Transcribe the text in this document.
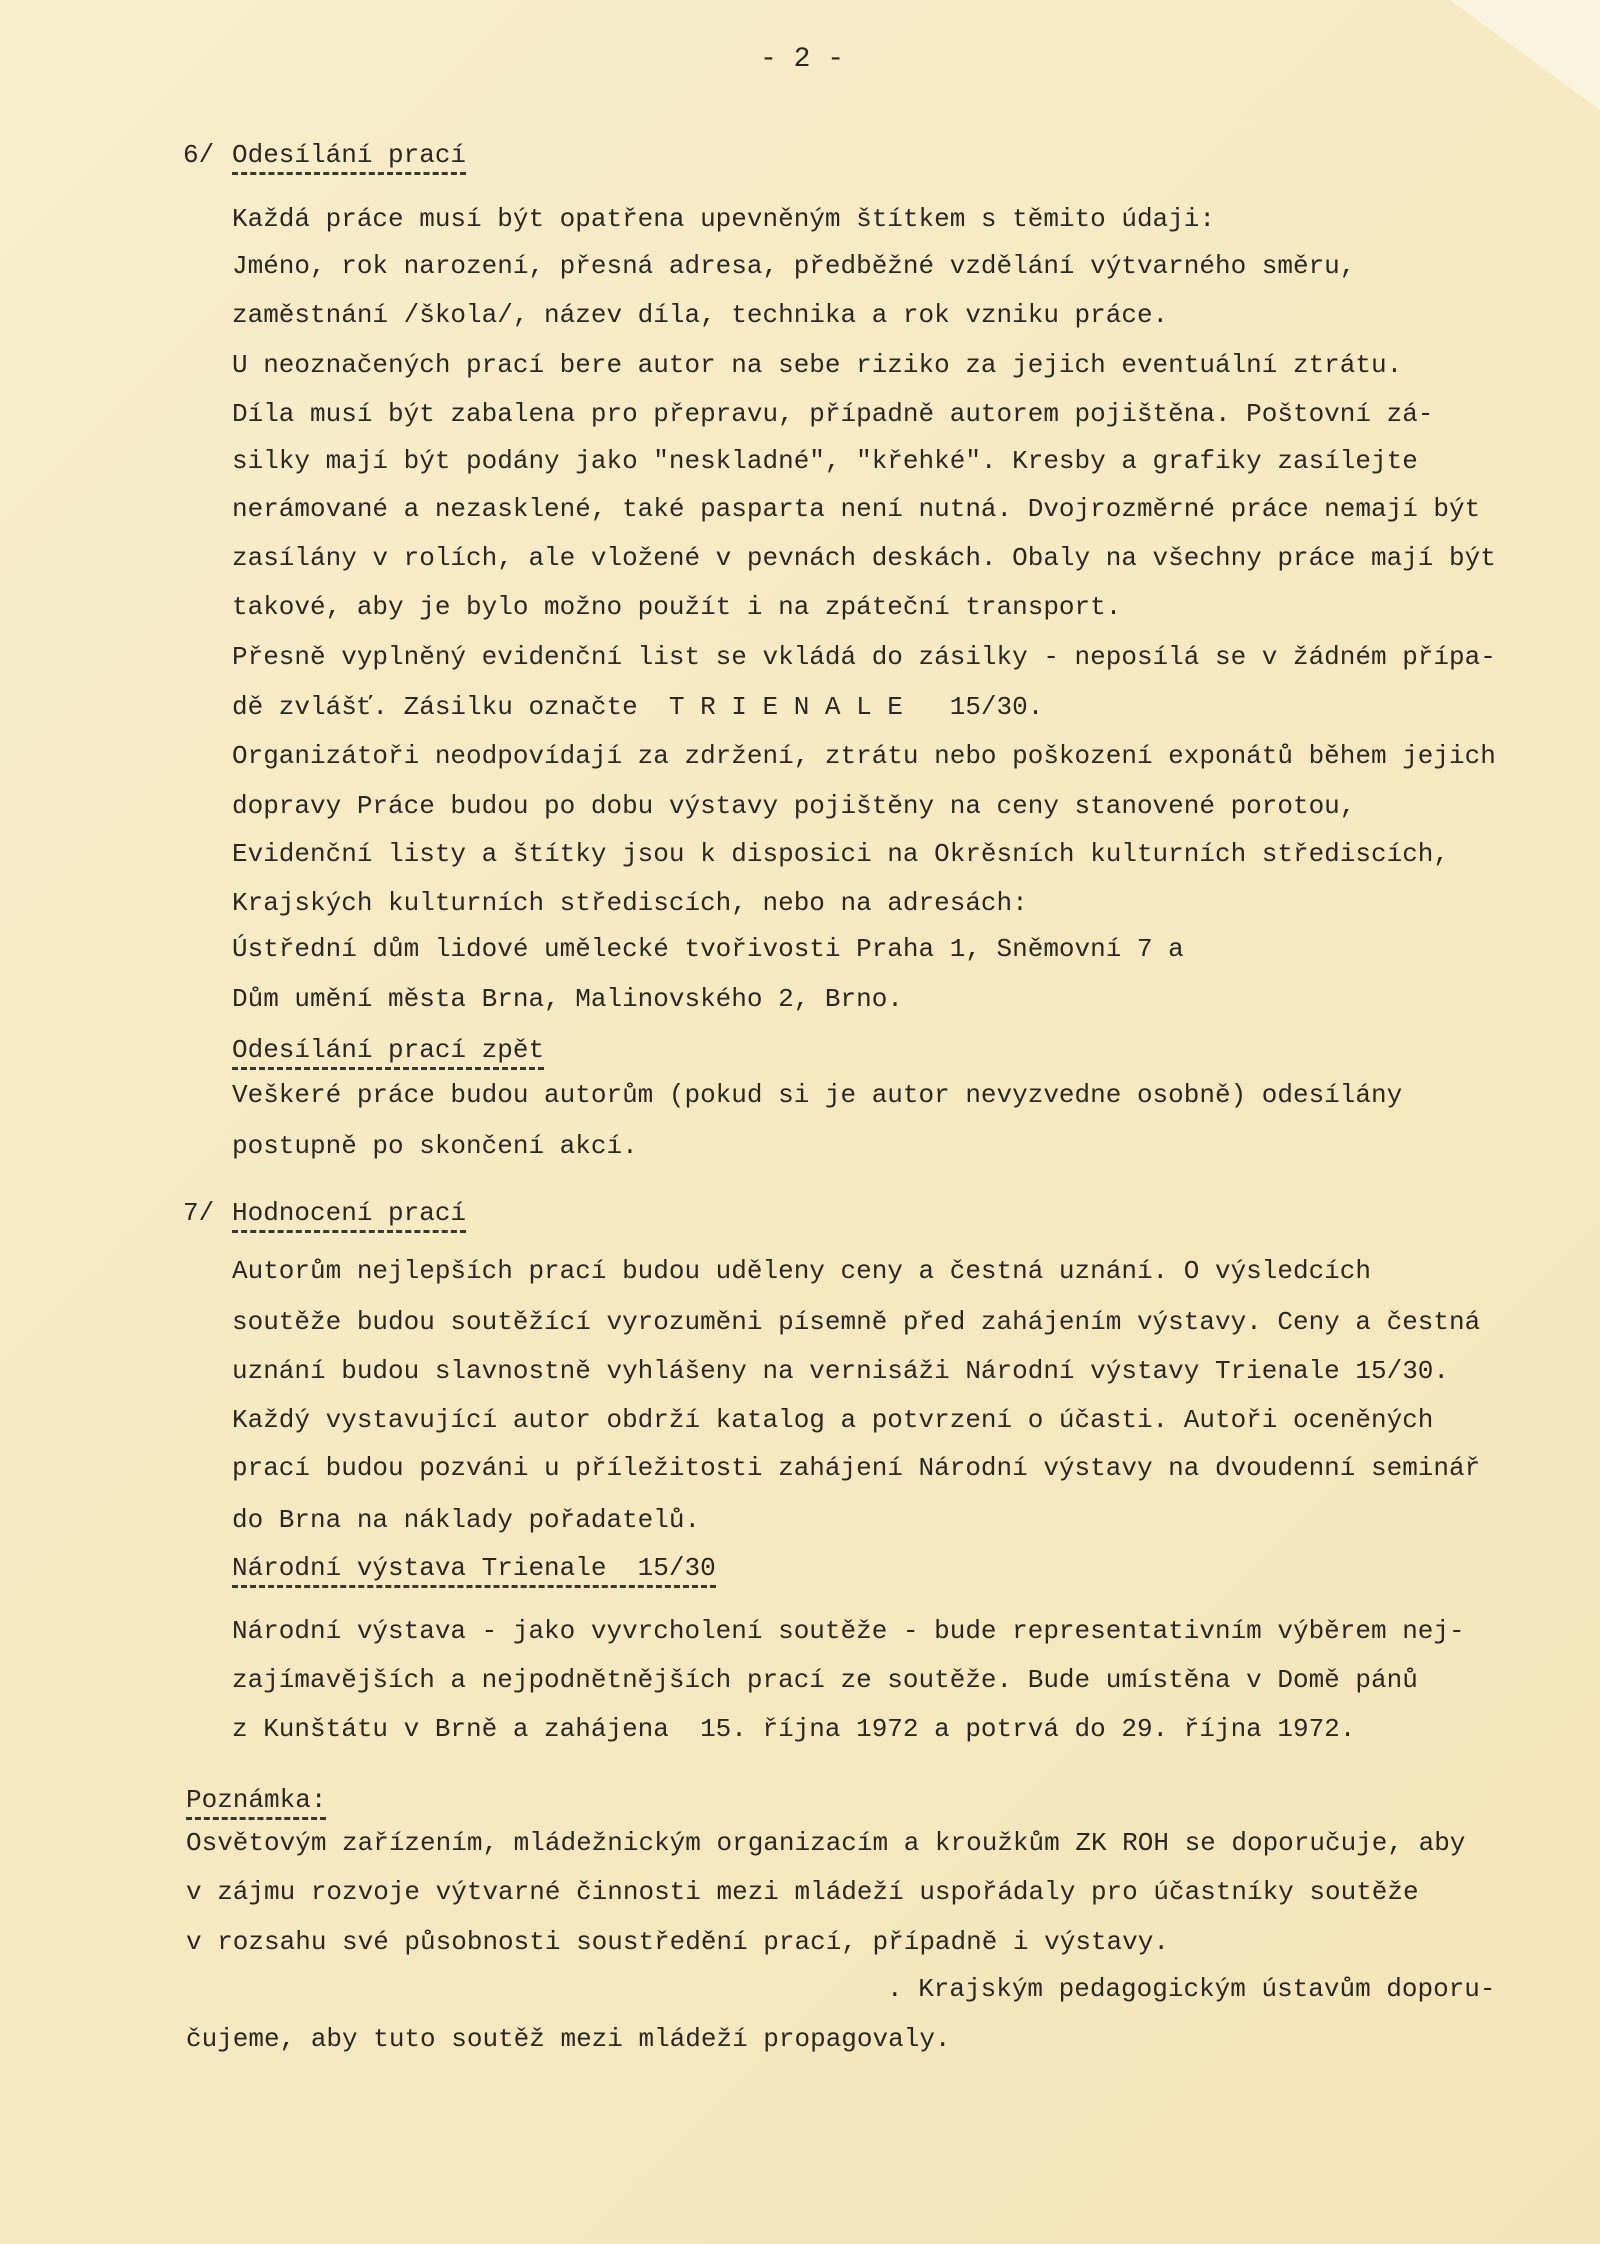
- 2 -
6/ Odesílání prací
Každá práce musí být opatřena upevněným štítkem s těmito údaji:
Jméno, rok narození, přesná adresa, předběžné vzdělání výtvarného směru,
zaměstnání /škola/, název díla, technika a rok vzniku práce.
U neoznačených prací bere autor na sebe riziko za jejich eventuální ztrátu.
Díla musí být zabalena pro přepravu, případně autorem pojištěna. Poštovní zá-
silky mají být podány jako "neskladné", "křehké". Kresby a grafiky zasílejte
nerámované a nezasklené, také pasparta není nutná. Dvojrozměrné práce nemají být
zasílány v rolích, ale vložené v pevnách deskách. Obaly na všechny práce mají být
takové, aby je bylo možno použít i na zpáteční transport.
Přesně vyplněný evidenční list se vkládá do zásilky - neposílá se v žádném přípa-
dě zvlášť. Zásilku označte  T R I E N A L E   15/30.
Organizátoři neodpovídají za zdržení, ztrátu nebo poškození exponátů během jejich
dopravy Práce budou po dobu výstavy pojištěny na ceny stanovené porotou,
Evidenční listy a štítky jsou k disposici na Okrěsních kulturních střediscích,
Krajských kulturních střediscích, nebo na adresách:
Ústřední dům lidové umělecké tvořivosti Praha 1, Sněmovní 7 a
Dům umění města Brna, Malinovského 2, Brno.
Odesílání prací zpět
Veškeré práce budou autorům (pokud si je autor nevyzvedne osobně) odesílány
postupně po skončení akcí.
7/ Hodnocení prací
Autorům nejlepších prací budou uděleny ceny a čestná uznání. O výsledcích
soutěže budou soutěžící vyrozuměni písemně před zahájením výstavy. Ceny a čestná
uznání budou slavnostně vyhlášeny na vernisáži Národní výstavy Trienale 15/30.
Každý vystavující autor obdrží katalog a potvrzení o účasti. Autoři oceněných
prací budou pozváni u příležitosti zahájení Národní výstavy na dvoudenní seminář
do Brna na náklady pořadatelů.
Národní výstava Trienale  15/30
Národní výstava - jako vyvrcholení soutěže - bude representativním výběrem nej-
zajímavějších a nejpodnětnějších prací ze soutěže. Bude umístěna v Domě pánů
z Kunštátu v Brně a zahájena  15. října 1972 a potrvá do 29. října 1972.
Poznámka:
Osvětovým zařízením, mládežnickým organizacím a kroužkům ZK ROH se doporučuje, aby
v zájmu rozvoje výtvarné činnosti mezi mládeží uspořádaly pro účastníky soutěže
v rozsahu své působnosti soustředění prací, případně i výstavy.
. Krajským pedagogickým ústavům doporu-
čujeme, aby tuto soutěž mezi mládeží propagovaly.
